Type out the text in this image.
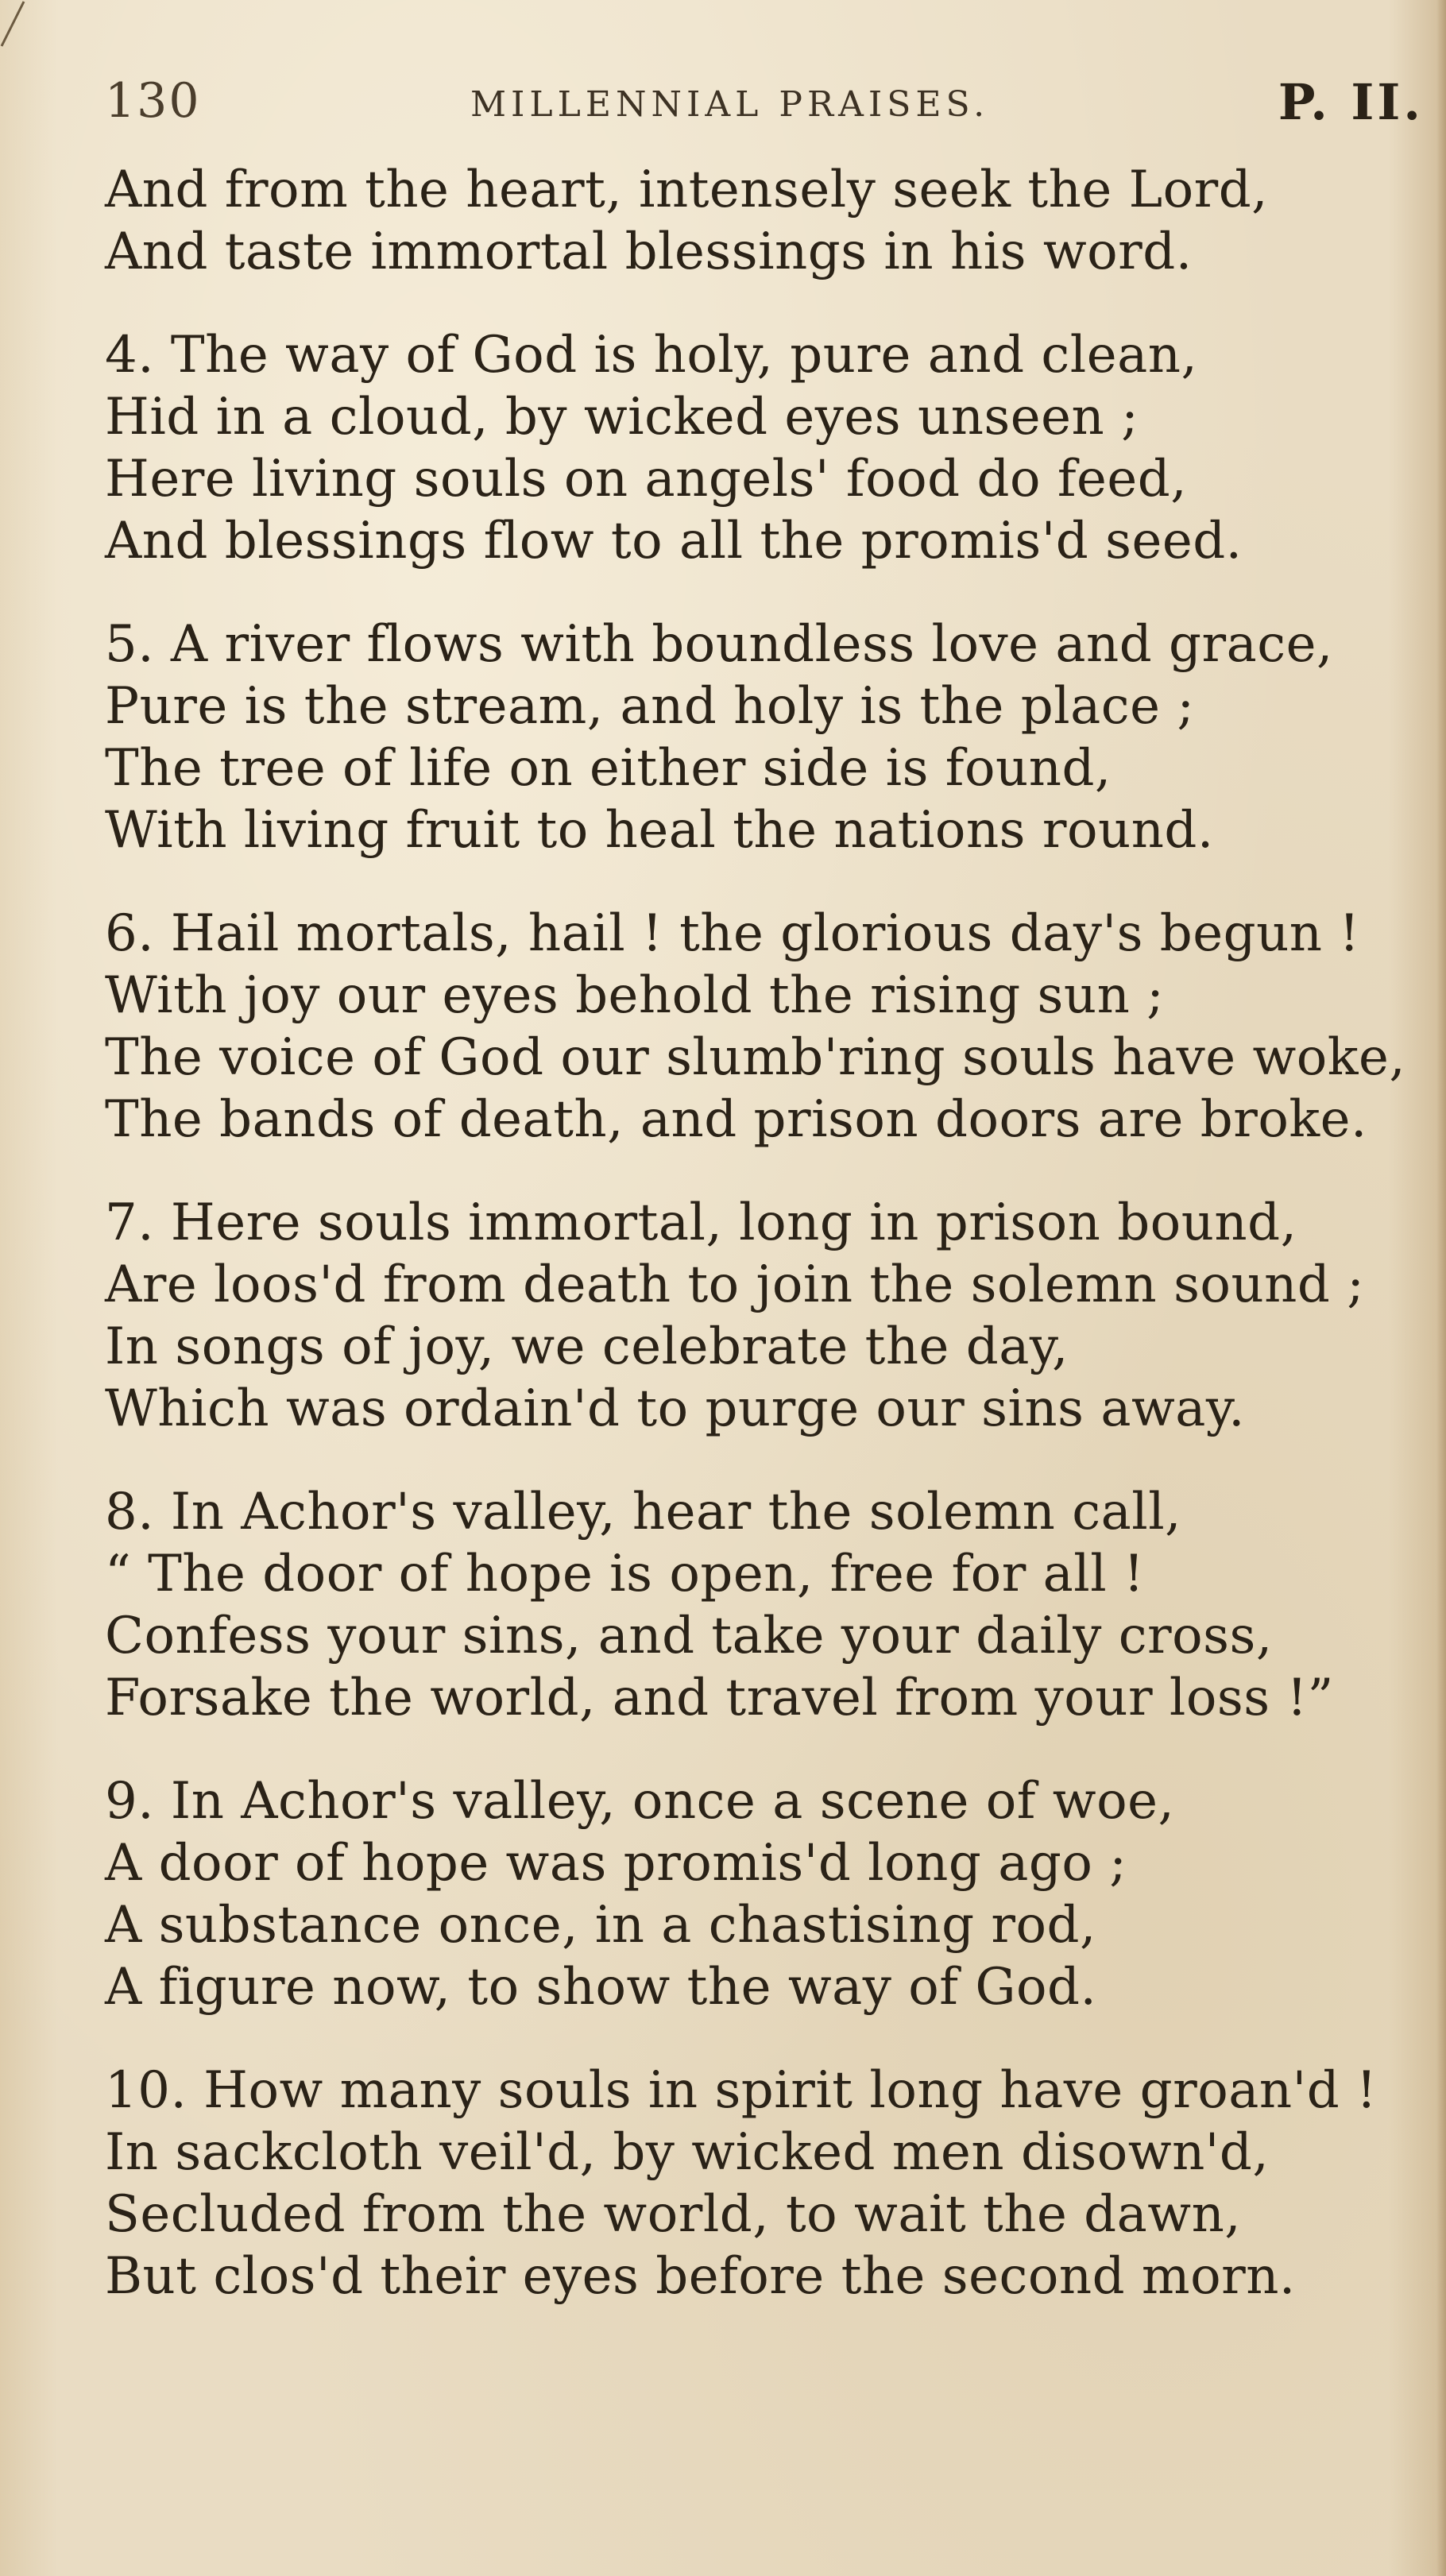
130	MILLENNIAL PRAISES.	P. II.
And from the heart, intensely seek the Lord,
And taste immortal blessings in his word.
4. The way of God is holy, pure and clean,
Hid in a cloud, by wicked eyes unseen ;
Here living souls on angels' food do feed,
And blessings flow to all the promis'd seed.
5. A river flows with boundless love and grace,
Pure is the stream, and holy is the place ;
The tree of life on either side is found,
With living fruit to heal the nations round.
6. Hail mortals, hail ! the glorious day's begun !
With joy our eyes behold the rising sun ;
The voice of God our slumb'ring souls have woke,
The bands of death, and prison doors are broke.
7. Here souls immortal, long in prison bound,
Are loos'd from death to join the solemn sound ;
In songs of joy, we celebrate the day,
Which was ordain'd to purge our sins away.
8. In Achor's valley, hear the solemn call,
“ The door of hope is open, free for all !
Confess your sins, and take your daily cross,
Forsake the world, and travel from your loss !”
9. In Achor's valley, once a scene of woe,
A door of hope was promis'd long ago ;
A substance once, in a chastising rod,
A figure now, to show the way of God.
10. How many souls in spirit long have groan'd !
In sackcloth veil'd, by wicked men disown'd,
Secluded from the world, to wait the dawn,
But clos'd their eyes before the second morn.
